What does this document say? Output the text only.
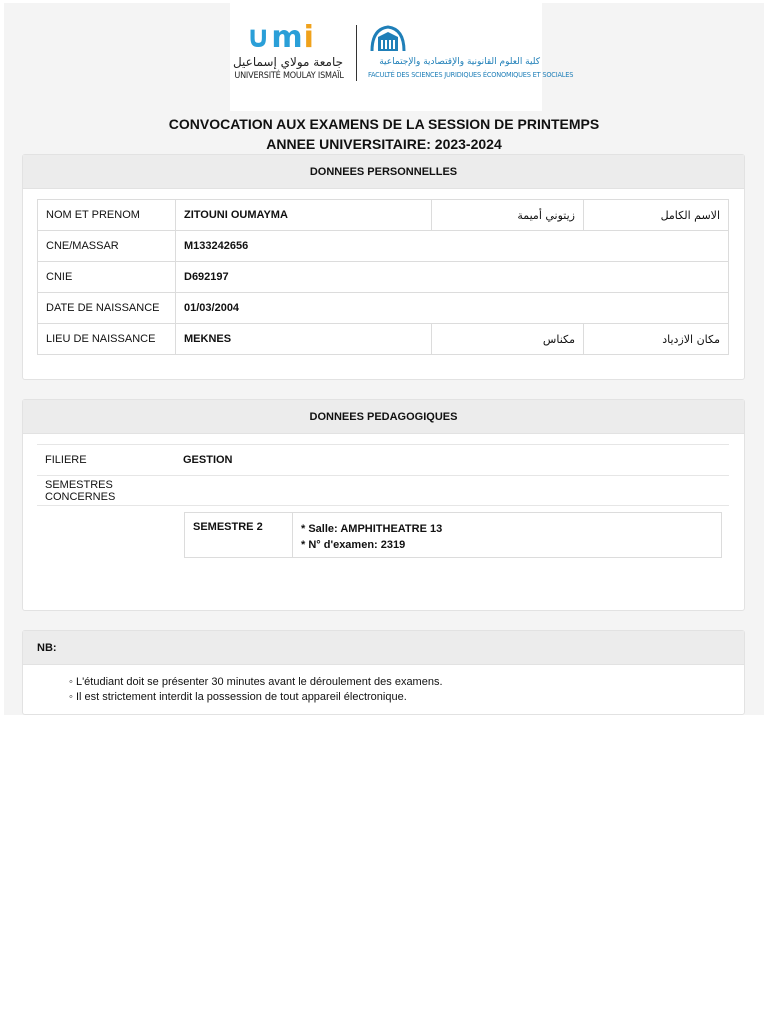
∪mi
جامعة مولاي إسماعيل
UNIVERSITÉ MOULAY ISMAÏL
كلية العلوم القانونية والإقتصادية والإجتماعية
FACULTÉ DES SCIENCES JURIDIQUES ÉCONOMIQUES ET SOCIALES
CONVOCATION AUX EXAMENS DE LA SESSION DE PRINTEMPS
ANNEE UNIVERSITAIRE: 2023-2024
DONNEES PERSONNELLES
NOM ET PRENOM	ZITOUNI OUMAYMA	زيتوني أميمة	الاسم الكامل
CNE/MASSAR	M133242656		
CNIE	D692197		
DATE DE NAISSANCE	01/03/2004		
LIEU DE NAISSANCE	MEKNES	مكناس	مكان الازدياد
DONNEES PEDAGOGIQUES
FILIERE	GESTION
SEMESTRES CONCERNES
SEMESTRE 2	* Salle: AMPHITHEATRE 13
* N° d'examen: 2319
NB:
◦ L'étudiant doit se présenter 30 minutes avant le déroulement des examens.
◦ Il est strictement interdit la possession de tout appareil électronique.
